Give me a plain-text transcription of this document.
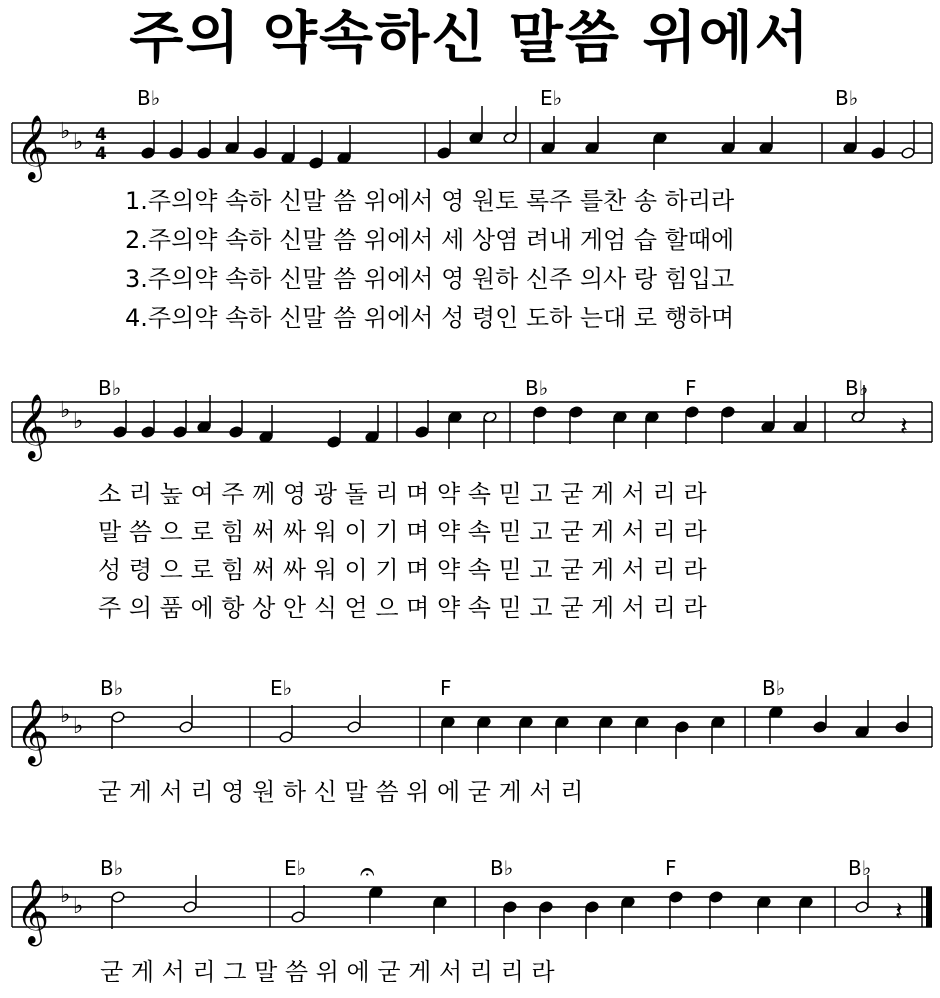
주의 약속하신 말씀 위에서
B♭	E♭	B♭
𝄞 ♭ ♭ 4
4
1.주의약 속하 신말 씀 위에서 영 원토 록주 를찬 송 하리라
2.주의약 속하 신말 씀 위에서 세 상염 려내 게엄 습 할때에
3.주의약 속하 신말 씀 위에서 영 원하 신주 의사 랑 힘입고
4.주의약 속하 신말 씀 위에서 성 령인 도하 는대 로 행하며
B♭	B♭	F	B♭
𝄞 ♭ ♭	𝄽
소 리 높 여 주 께 영 광 돌 리 며 약 속 믿 고 굳 게 서 리 라
말 씀 으 로 힘 써 싸 워 이 기 며 약 속 믿 고 굳 게 서 리 라
성 령 으 로 힘 써 싸 워 이 기 며 약 속 믿 고 굳 게 서 리 라
주 의 품 에 항 상 안 식 얻 으 며 약 속 믿 고 굳 게 서 리 라
B♭	E♭	F	B♭
𝄞 ♭ ♭
굳 게 서 리 영 원 하 신 말 씀 위 에 굳 게 서 리
B♭	E♭	B♭	F	B♭
𝄞 ♭ ♭
𝄐
𝄽
굳 게 서 리 그 말 씀 위 에 굳 게 서 리 리 라
